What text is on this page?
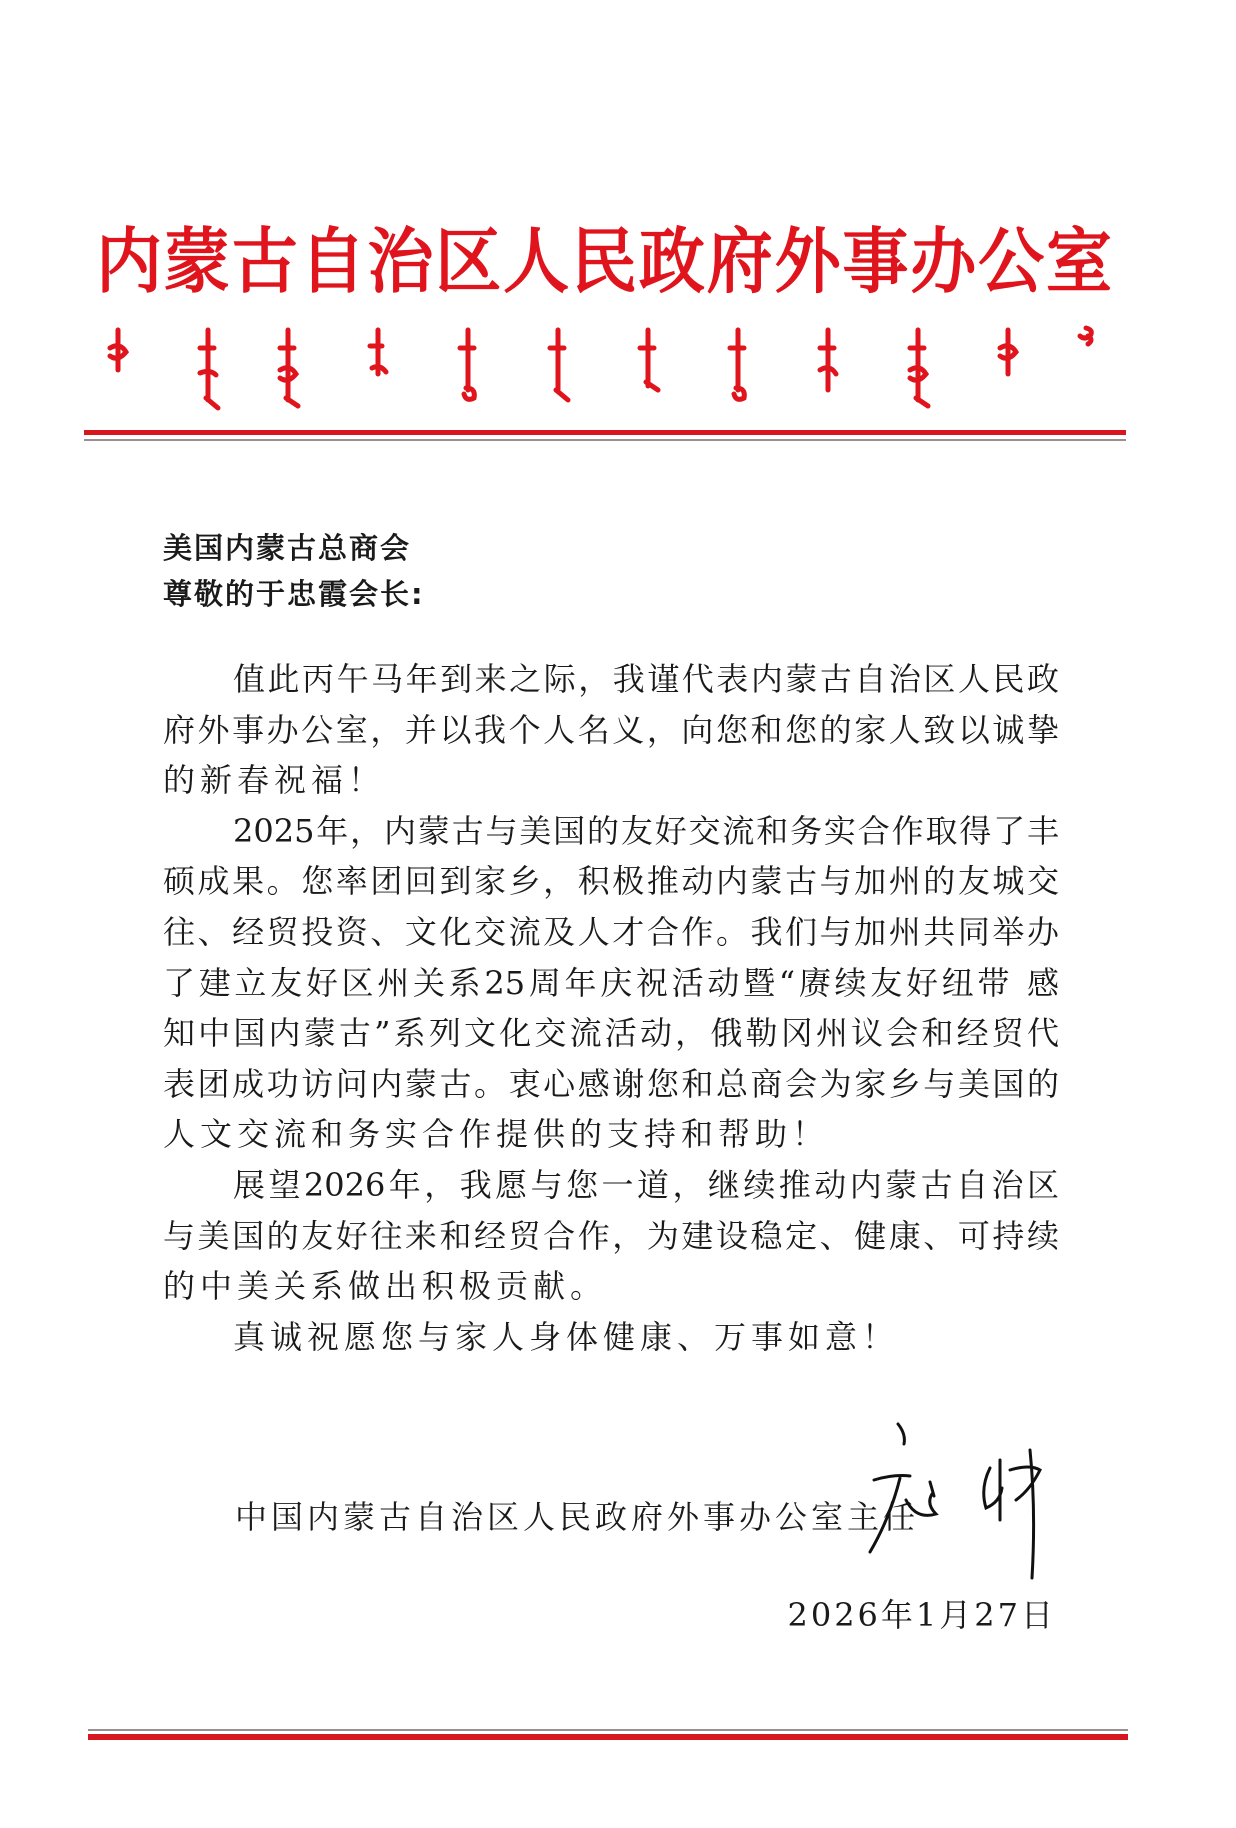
内蒙古自治区人民政府外事办公室
美国内蒙古总商会
尊敬的于忠霞会长:
值此丙午马年到来之际，我谨代表内蒙古自治区人民政
府外事办公室，并以我个人名义，向您和您的家人致以诚挚
的新春祝福！
2025年，内蒙古与美国的友好交流和务实合作取得了丰
硕成果。您率团回到家乡，积极推动内蒙古与加州的友城交
往、经贸投资、文化交流及人才合作。我们与加州共同举办
了建立友好区州关系25周年庆祝活动暨“赓续友好纽带 感
知中国内蒙古”系列文化交流活动，俄勒冈州议会和经贸代
表团成功访问内蒙古。衷心感谢您和总商会为家乡与美国的
人文交流和务实合作提供的支持和帮助！
展望2026年，我愿与您一道，继续推动内蒙古自治区
与美国的友好往来和经贸合作，为建设稳定、健康、可持续
的中美关系做出积极贡献。
真诚祝愿您与家人身体健康、万事如意！
中国内蒙古自治区人民政府外事办公室主任
2026年1月27日
